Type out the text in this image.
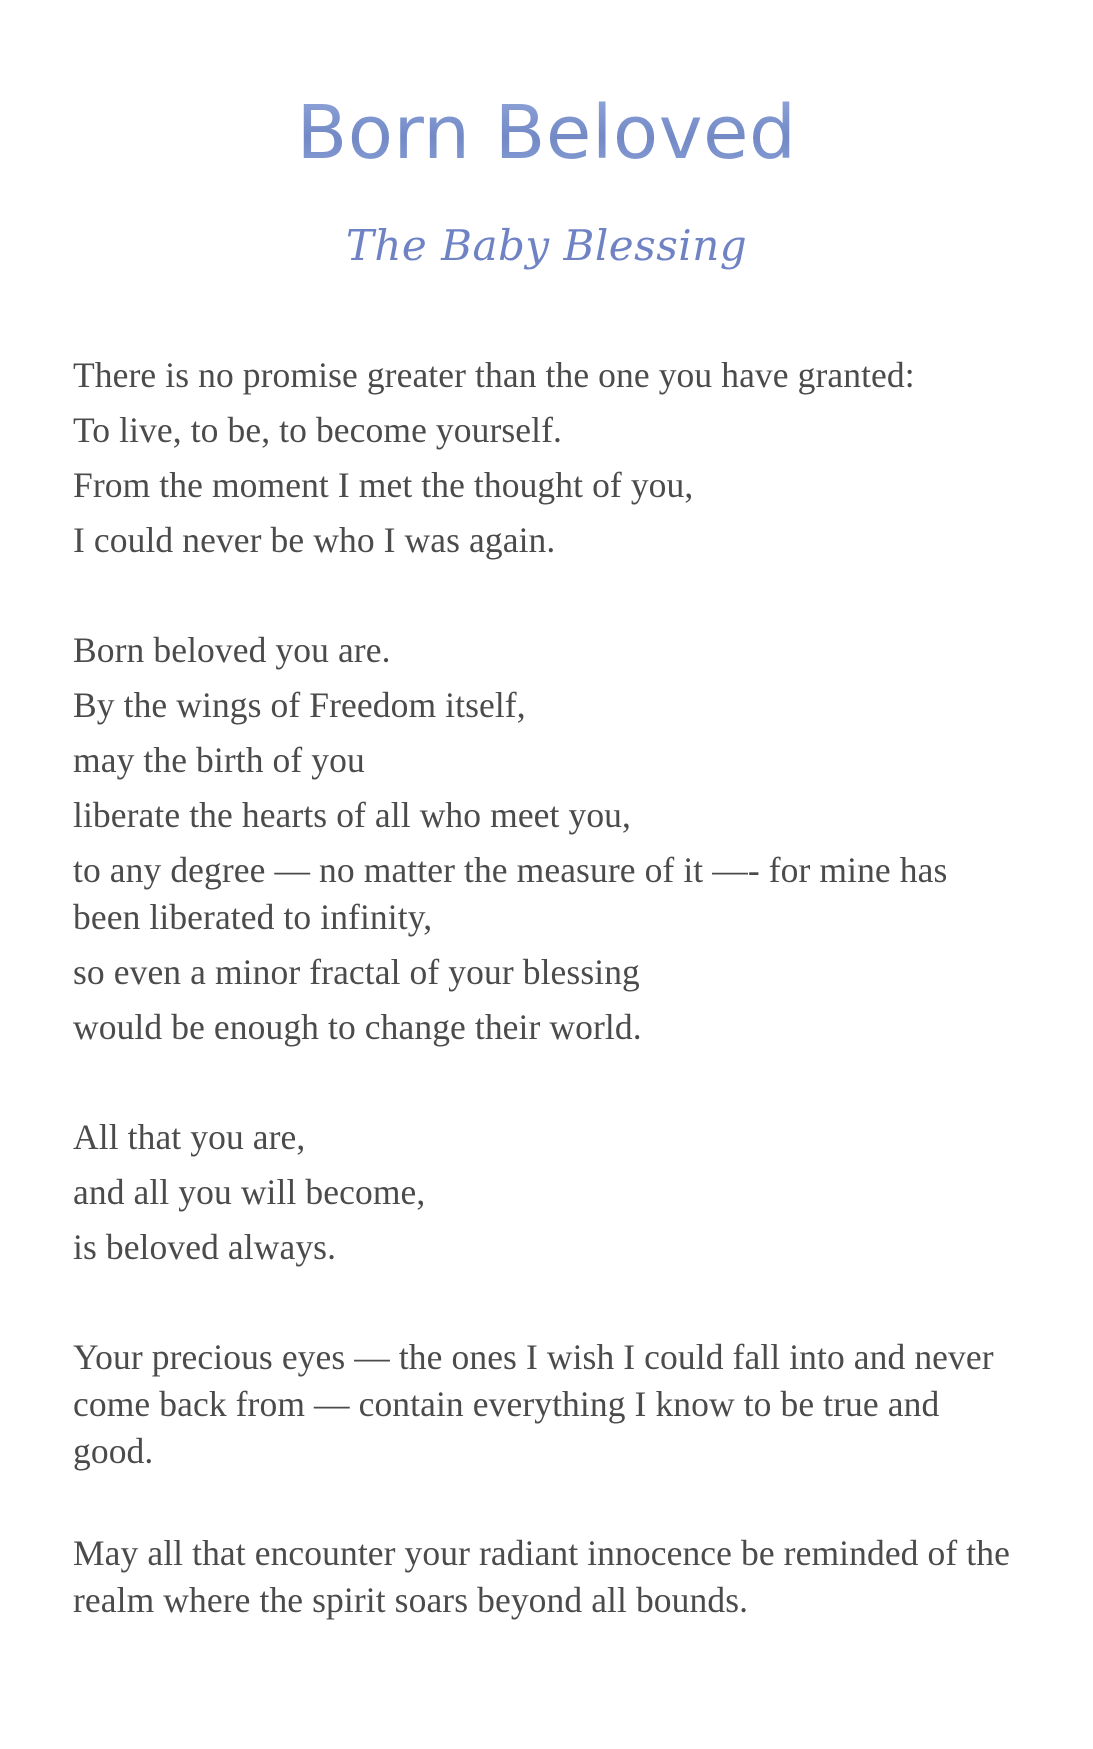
Born Beloved
The Baby Blessing
There is no promise greater than the one you have granted:
To live, to be, to become yourself.
From the moment I met the thought of you,
I could never be who I was again.
Born beloved you are.
By the wings of Freedom itself,
may the birth of you
liberate the hearts of all who meet you,
to any degree — no matter the measure of it —- for mine has been liberated to infinity,
so even a minor fractal of your blessing
would be enough to change their world.
All that you are,
and all you will become,
is beloved always.
Your precious eyes — the ones I wish I could fall into and never come back from — contain everything I know to be true and good.
May all that encounter your radiant innocence be reminded of the realm where the spirit soars beyond all bounds.
